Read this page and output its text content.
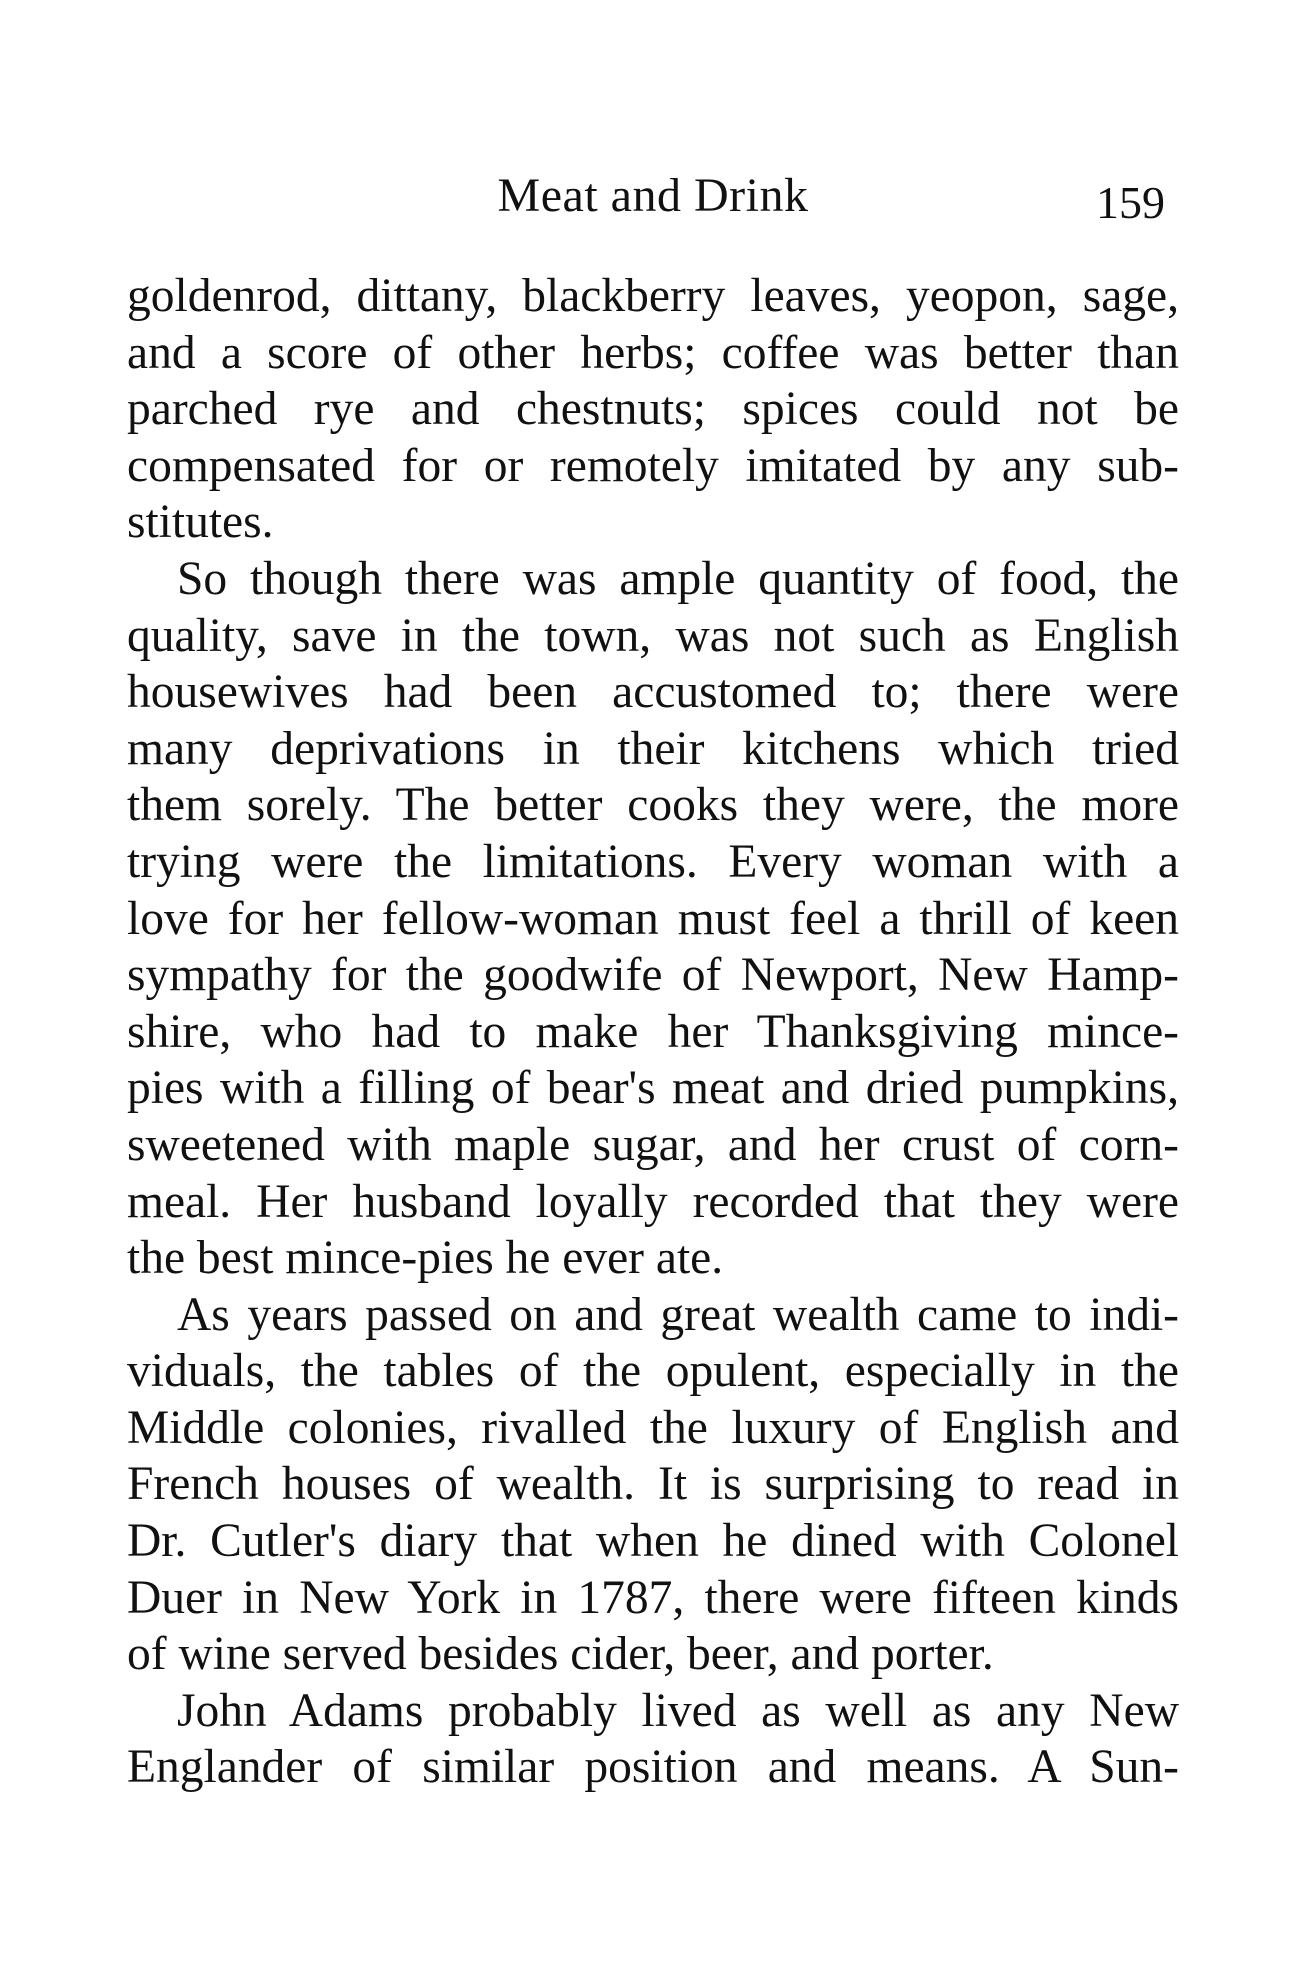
Meat and Drink	159
goldenrod, dittany, blackberry leaves, yeopon, sage,
and a score of other herbs; coffee was better than
parched rye and chestnuts; spices could not be
compensated for or remotely imitated by any sub-
stitutes.
So though there was ample quantity of food, the
quality, save in the town, was not such as English
housewives had been accustomed to; there were
many deprivations in their kitchens which tried
them sorely. The better cooks they were, the more
trying were the limitations. Every woman with a
love for her fellow-woman must feel a thrill of keen
sympathy for the goodwife of Newport, New Hamp-
shire, who had to make her Thanksgiving mince-
pies with a filling of bear's meat and dried pumpkins,
sweetened with maple sugar, and her crust of corn-
meal. Her husband loyally recorded that they were
the best mince-pies he ever ate.
As years passed on and great wealth came to indi-
viduals, the tables of the opulent, especially in the
Middle colonies, rivalled the luxury of English and
French houses of wealth. It is surprising to read in
Dr. Cutler's diary that when he dined with Colonel
Duer in New York in 1787, there were fifteen kinds
of wine served besides cider, beer, and porter.
John Adams probably lived as well as any New
Englander of similar position and means. A Sun-
